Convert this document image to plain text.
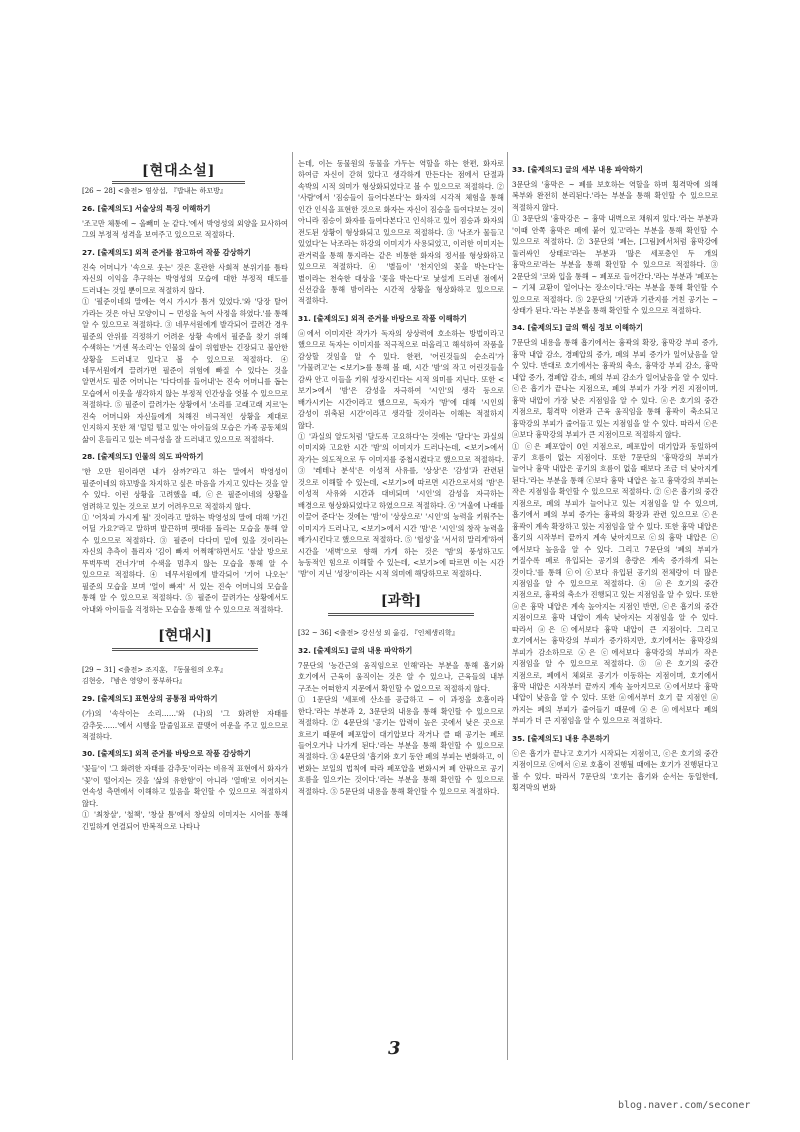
[현대소설]
[26 ~ 28] <출전> 염상섭, 『밥내는 하꼬방』
26. [출제의도] 서술상의 특징 이해하기
'조고만 체통에 ~ 올빼미 눈 같다.'에서 박영성의 외양을 묘사하여 그의 부정적 성격을 보여주고 있으므로 적절하다.
27. [출제의도] 외적 준거를 참고하여 작품 감상하기
진숙 어머니가 '속으로 웃는' 것은 혼란한 사회적 분위기를 틈타 자신의 이익을 추구하는 박영성의 모습에 대한 부정적 태도를 드러내는 것일 뿐이므로 적절하지 않다.
① '필준이네의 말에는 역시 가시가 틈겨 있었다.'와 '당장 탈어 가라는 것은 아닌 모양이니 ~ 먼성을 녹여 사정을 하였다.'를 통해 알 수 있으므로 적절하다. ③ 네무서원에게 발각되어 끌려간 경우 필준의 안위를 걱정하기 어려운 상황 속에서 필준을 찾기 위해 수색하는 '거센 목소리'는 인물의 삶이 위협받는 긴장되고 불안한 상황을 드러내고 있다고 볼 수 있으므로 적절하다. ④ 네무서원에게 끌려가면 필준이 위험에 빠질 수 있다는 것을 알면서도 필준 어머니는 '다다미를 들어내'는 진숙 어머니를 돕는 모습에서 이웃을 생각하지 않는 부정적 인간상을 엿볼 수 있으므로 적절하다. ⑤ 필준이 끌려가는 상황에서 '소리를 고래고래 지르'는 진숙 어머니와 자신들에게 처해진 비극적인 상황을 제대로 인지하지 못한 채 '덜덜 떨고 있'는 아이들의 모습은 가족 공동체의 삶이 흔들리고 있는 비극성을 잘 드러내고 있으므로 적절하다.
28. [출제의도] 인물의 의도 파악하기
'한 오만 원이라면 내가 삼까?'라고 하는 말에서 박영성이 필준이네의 하꼬방을 차지하고 싶은 마음을 가지고 있다는 것을 알 수 있다. 이런 상황을 고려했을 때, ⓒ은 필준이네의 상황을 염려하고 있는 것으로 보기 어려우므로 적절하지 않다.
① '어차피 가시게 될' 것이라고 말하는 박영성의 말에 대해 '가긴 어딜 가요?'라고 말하며 발끈하며 펫대를 돌리는 모습을 통해 알 수 있으므로 적절하다. ③ 필준이 다다미 밑에 있을 것이라는 자신의 추측이 틀리자 '김이 빠져 어쩍해'하면서도 '샅샅 방으로 뚜벅뚜벅 건너가'며 수색을 멈추지 않는 모습을 통해 알 수 있으므로 적절하다. ④ 네무서원에게 발각되어 '기어 나오는' 필준의 모습을 보며 '얼이 빠져' 서 있는 진숙 어머니의 모습을 통해 알 수 있으므로 적절하다. ⑤ 필준이 끌려가는 상황에서도 아내와 아이들을 걱정하는 모습을 통해 알 수 있으므로 적절하다.
[현대시]
[29 ~ 31] <출전> 조지훈, 『동물원의 오후』
김현승, 『밤은 영양이 풍부하다』
29. [출제의도] 표현상의 공통점 파악하기
(가)의 '속삭이는 소리……'와 (나)의 '그 화려한 자태를 감추듯……'에서 시행을 말줄임표로 끝맺어 여운을 주고 있으므로 적절하다.
30. [출제의도] 외적 준거를 바탕으로 작품 감상하기
'꽃들'이 '그 화려한 자태를 감추듯'이라는 비유적 표현에서 화자가 '꽃'이 떨어지는 것을 '삶의 유한함'이 아니라 '열매'로 이어지는 연속성 측면에서 이해하고 있음을 확인할 수 있으므로 적절하지 않다.
① '최창살', '철책', '창살 틈'에서 창살의 이미지는 시어를 통해 긴밀하게 연결되어 반복적으로 나타나
는데, 이는 동물원의 동물을 가두는 역할을 하는 한편, 화자로 하여금 자신이 갇혀 있다고 생각하게 만든다는 점에서 단절과 속박의 시적 의미가 형상화되었다고 볼 수 있으므로 적절하다. ② '사람'에서 '짐승들이 들어다본다'는 화자의 시각적 체험을 통해 인간 인식을 표현한 것으로 화자는 자신이 짐승을 들여다보는 것이 아니라 짐승이 화자를 들여다본다고 인식하고 있어 짐승과 화자의 전도된 상황이 형상화되고 있으므로 적절하다. ③ '낙조가 물들고 있었다'는 낙조라는 하강의 이미지가 사용되었고, 이러한 이미지는 관거럭을 통해 통지라는 같은 비통한 화자의 정서를 형상화하고 있으므로 적절하다. ④ '별들이' '천지인의 꽃을 박는다'는 별이라는 천숙한 대상을 '꽃을 박는다'로 낯설게 드러낸 점에서 신선감을 통해 밤이라는 시간적 상황을 형상화하고 있으므로 적절하다.
31. [출제의도] 외적 준거를 바탕으로 작품 이해하기
ⓐ에서 이미지란 작가가 독자의 상상력에 호소하는 방법이라고 했으므로 독자는 이미지를 적극적으로 떠올리고 해석하여 작품을 감상할 것임을 알 수 있다. 한편, '어린것들의 순소리'가 '가물려고'는 <보기>를 통해 볼 때, 시간 '밤'의 작고 어린것들을 감싸 안고 이들을 키워 성장시킨다는 시적 의미를 지닌다. 또한 <보기>에서 '밤'은 감성을 자극하여 '시인'의 생각 등으로 배가시키는 시간이라고 했으므로, 독자가 '밤'에 대해 '시인의 감성이 위축된 시간'이라고 생각할 것이라는 이해는 적절하지 않다.
① '과실의 알도처럼 '달도록 고요하다'는 것에는 '달다'는 과실의 이미지와 고요한 시간 '밤'의 이미지가 드러나는데, <보기>에서 작가는 의도적으로 두 이미지를 중첩시켰다고 했으므로 적절하다. ③ '레테나 분석'은 이성적 사유를, '상상'은 '감성'과 관련된 것으로 이해할 수 있는데, <보기>에 따르면 시간으로서의 '밤'은 이성적 사유와 시간과 대비되며 '시인'의 감성을 자극하는 배경으로 형상화되었다고 하였으므로 적절하다. ④ '겨울에 나래를 이끌어 준다'는 것에는 '밤'이 '상상으로' '시인'의 능력을 키워주는 이미지가 드러나고, <보기>에서 시간 '밤'은 '시인'의 창작 능력을 배가시킨다고 했으므로 적절하다. ⑤ '헐성'을 '서서히 말리게'하여 시간을 '새벽'으로 향해 가게 하는 것은 '밤'의 풍성하고도 능동적인 힘으로 이해할 수 있는데, <보기>에 따르면 이는 시간 '밤'이 지닌 '성장'이라는 시적 의미에 해당하므로 적절하다.
[과학]
[32 ~ 36] <출전> 강신성 외 옮김, 『인체생리학』
32. [출제의도] 글의 내용 파악하기
7문단의 '능간근의 움직임으로 인해'라는 부분을 통해 흡기와 호기에서 근육이 움직이는 것은 알 수 있으나, 근육들의 내부 구조는 어떠한지 지문에서 확인할 수 없으므로 적절하지 않다.
① 1문단의 '세포에 산소를 공급하고 ~ 이 과정을 호흡이라 한다.'라는 부분과 2, 3문단의 내용을 통해 확인할 수 있으므로 적절하다. ② 4문단의 '공기는 압력이 높은 곳에서 낮은 곳으로 흐르기 때문에 폐포압이 대기압보다 작거나 클 때 공기는 폐로 들어오거나 나가게 된다.'라는 부분을 통해 확인할 수 있으므로 적절하다. ③ 4문단의 '흡기와 호기 동안 폐의 부피는 변화하고, 이 변화는 보일의 법칙에 따라 폐포압을 변화시켜 폐 안팎으로 공기 흐름을 일으키는 것이다.'라는 부분을 통해 확인할 수 있으므로 적절하다. ⑤ 5문단의 내용을 통해 확인할 수 있으므로 적절하다.
33. [출제의도] 글의 세부 내용 파악하기
3문단의 '흉막은 ~ 폐를 보호하는 역할을 하며 횡격막에 의해 복부와 완전히 분리된다.'라는 부분을 통해 확인할 수 있으므로 적절하지 않다.
① 3문단의 '흉막강은 ~ 흉막 내벽으로 채워져 있다.'라는 부분과 '이때 안쪽 흉막은 폐에 붙어 있고'라는 부분을 통해 확인할 수 있으므로 적절하다. ② 3문단의 '폐는, [그림]에서처럼 흉막강에 둘러싸인 상태로'라는 부분과 '많은 세포층인 두 개의 흉막으로'라는 부분을 통해 확인할 수 있으므로 적절하다. ③ 2문단의 '코와 입을 통해 ~ 폐포로 들어간다.'라는 부분과 '폐포는 ~ 기체 교환이 일어나는 장소이다.'라는 부분을 통해 확인할 수 있으므로 적절하다. ⑤ 2문단의 '기관과 기관지를 거친 공기는 ~ 상태가 된다.'라는 부분을 통해 확인할 수 있으므로 적절하다.
34. [출제의도] 글의 핵심 정보 이해하기
7문단의 내용을 통해 흡기에서는 흉곽의 확장, 흉막강 부피 증가, 흉막 내압 감소, 경폐압의 증가, 폐의 부피 증가가 일어났음을 알 수 있다. 반대로 호기에서는 흉곽의 축소, 흉막강 부피 감소, 흉막 내압 증가, 경폐압 감소, 폐의 부피 감소가 일어났음을 알 수 있다. ⓒ은 흡기가 끝나는 지점으로, 폐의 부피가 가장 커진 지점이며, 흉막 내압이 가장 낮은 지점임을 알 수 있다. ⓐ은 호기의 중간 지점으로, 횡격막 이완과 근육 움직임을 통해 흉곽이 축소되고 흉막강의 부피가 줄어들고 있는 지점임을 알 수 있다. 따라서 ⓒ은 ⓐ보다 흉막강의 부피가 큰 지점이므로 적절하지 않다.
① ⓒ은 폐포압이 0인 지점으로, 폐포압이 대기압과 동일하여 공기 흐름이 없는 지점이다. 또한 7문단의 '흉막강의 부피가 늘어나 흉막 내압은 공기의 흐름이 없을 때보다 조금 더 낮아지게 된다.'라는 부분을 통해 ⓒ보다 흉막 내압은 높고 흉막강의 부피는 작은 지점임을 확인할 수 있으므로 적절하다. ② ⓒ은 흡기의 중간 지점으로, 폐의 부피가 늘어나고 있는 지점임을 알 수 있으며, 흡기에서 폐의 부피 증가는 흉곽의 확장과 관련 있으므로 ⓒ은 흉곽이 계속 확장하고 있는 지점임을 알 수 있다. 또한 흉막 내압은 흡기의 시작부터 끝까지 계속 낮아지므로 ⓒ의 흉막 내압은 ⓒ에서보다 높음을 알 수 있다. 그리고 7문단의 '폐의 부피가 커질수록 폐로 유입되는 공기의 총량은 계속 증가하게 되는 것이다.'를 통해 ⓒ이 ⓒ보다 유입된 공기의 전체량이 더 많은 지점임을 알 수 있으므로 적절하다. ④ ⓐ은 호기의 중간 지점으로, 흉곽의 축소가 진행되고 있는 지점임을 알 수 있다. 또한 ⓐ은 흉막 내압은 계속 높아지는 지점인 반면, ⓒ은 흡기의 중간 지점이므로 흉막 내압이 계속 낮아지는 지점임을 알 수 있다. 따라서 ⓐ은 ⓒ에서보다 흉막 내압이 큰 지점이다. 그리고 호기에서는 흉막강의 부피가 증가하지만, 호기에서는 흉막강의 부피가 감소하므로 ⓐ은 ⓒ에서보다 흉막강의 부피가 작은 지점임을 알 수 있으므로 적절하다. ⑤ ⓐ은 호기의 중간 지점으로, 폐에서 체외로 공기가 이동하는 지점이며, 호기에서 흉막 내압은 시작부터 끝까지 계속 높아지므로 ⓐ에서보다 흉막 내압이 낮음을 알 수 있다. 또한 ⓐ에서부터 호기 끝 지점인 ⓐ까지는 폐의 부피가 줄어들기 때문에 ⓐ은 ⓐ에서보다 폐의 부피가 더 큰 지점임을 알 수 있으므로 적절하다.
35. [출제의도] 내용 추론하기
ⓒ은 흡기가 끝나고 호기가 시작되는 지점이고, ⓒ은 호기의 중간 지점이므로 ⓒ에서 ⓒ로 호흡이 진행될 때에는 호기가 진행된다고 볼 수 있다. 따라서 7문단의 '호기는 흡기와 순서는 동일한데, 횡격막의 변화
3
blog.naver.com/seconer
